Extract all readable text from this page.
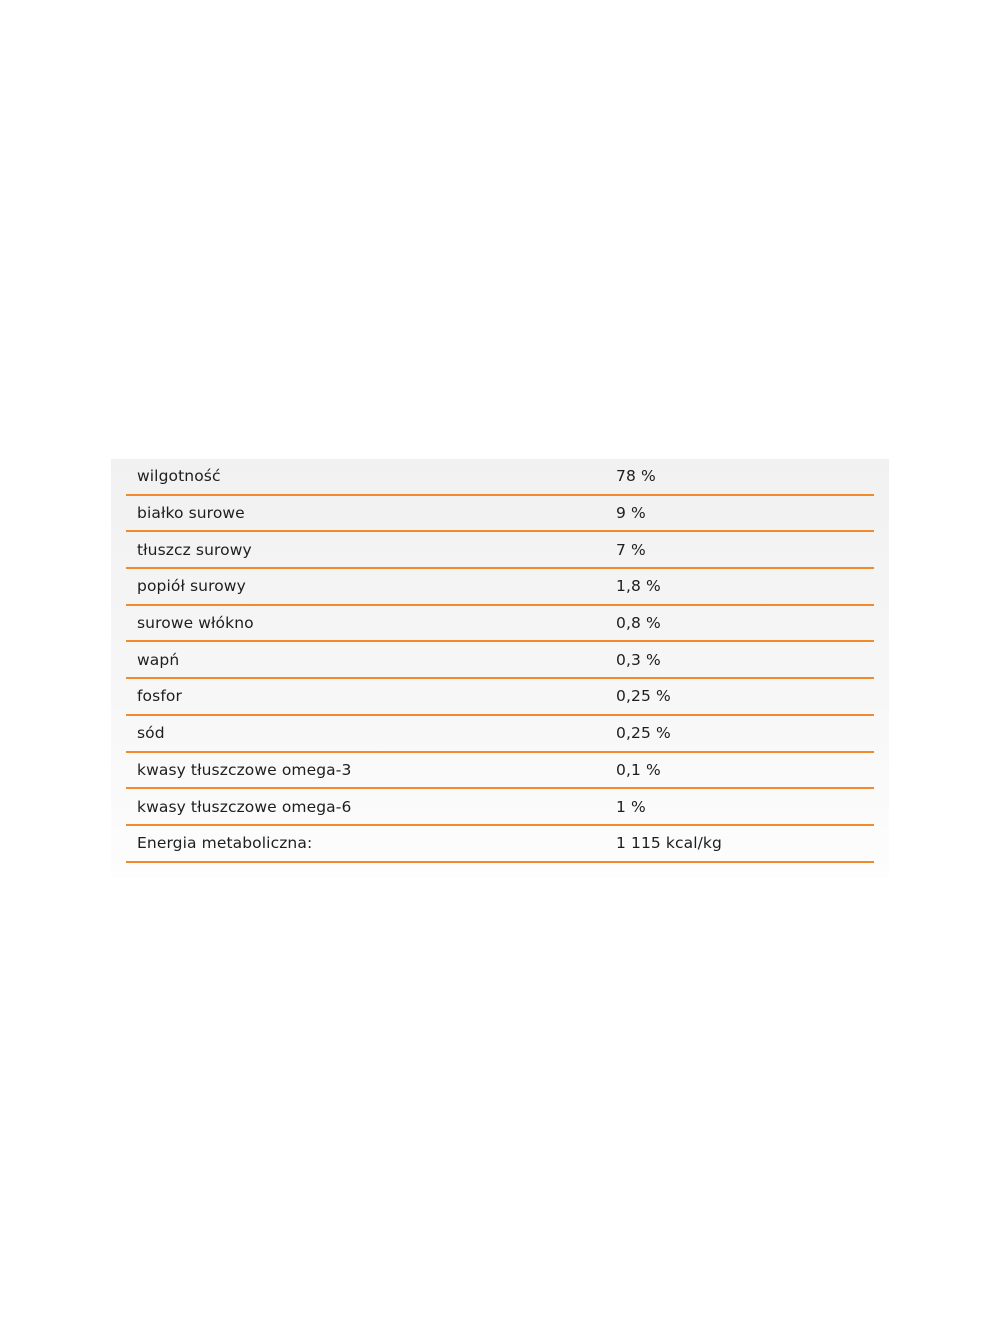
wilgotność	78 %
białko surowe	9 %
tłuszcz surowy	7 %
popiół surowy	1,8 %
surowe włókno	0,8 %
wapń	0,3 %
fosfor	0,25 %
sód	0,25 %
kwasy tłuszczowe omega-3	0,1 %
kwasy tłuszczowe omega-6	1 %
Energia metaboliczna:	1 115 kcal/kg
